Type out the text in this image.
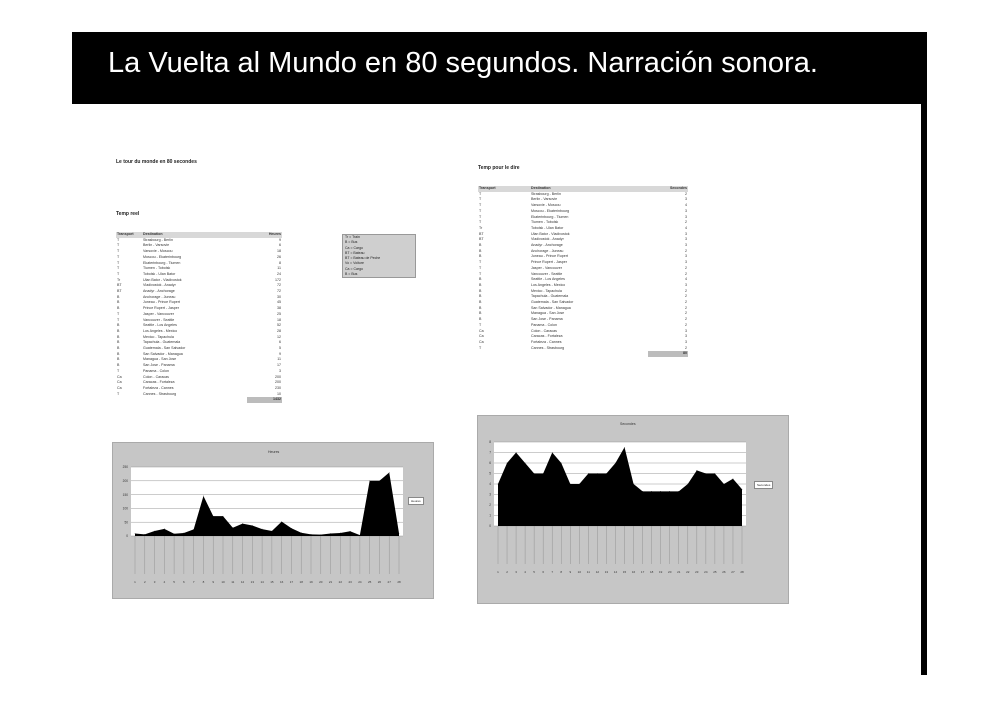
La Vuelta al Mundo en 80 segundos. Narración sonora.
Le tour du monde en 80 secondes
Temp reel
Transport	Destination	Heures
T	Strasbourg - Berlin	9
T	Berlin - Varsovie	6
T	Varsovie - Moscou	18
T	Moscou - Ekaterinbourg	26
T	Ekaterinbourg - Tiumen	8
T	Tiumen - Tobolsk	11
T	Tobolsk - Ulan Bator	24
Tr	Ulan Bator - Vladivostok	172
BT	Vladivostok - Anadyr	72
BT	Anadyr - Anchorage	72
B	Anchorage - Juneau	30
B	Juneau - Prince Rupert	45
B	Prince Rupert - Jasper	38
T	Jasper - Vancouver	25
T	Vancouver - Seattle	18
B	Seattle - Los Angeles	52
B	Los Angeles - Mexico	28
B	Mexico - Tapachula	12
B	Tapachula - Guatemala	6
B	Guatemala - San Salvador	5
B	San Salvador - Managua	9
B	Managua - San Jose	11
B	San Jose - Panama	17
T	Panama - Colon	3
Ca	Colon - Caracas	200
Ca	Caracas - Fortaleza	200
Ca	Fortaleza - Cannes	230
T	Cannes - Strasbourg	10
		1432
Tr = Train
B = Bus
Ca = Cargo
BT = Bateau
BT = Bateau de Peche
Vo = Voiture
Ca = Cargo
B = Bus
Temp pour le dire
Transport	Destination	Secondes
T	Strasbourg - Berlin	2
T	Berlin - Varsovie	3
T	Varsovie - Moscou	4
T	Moscou - Ekaterinbourg	3
T	Ekaterinbourg - Tiumen	3
T	Tiumen - Tobolsk	2
Tr	Tobolsk - Ulan Bator	4
BT	Ulan Bator - Vladivostok	3
BT	Vladivostok - Anadyr	3
B	Anadyr - Anchorage	3
B	Anchorage - Juneau	2
B	Juneau - Prince Rupert	3
T	Prince Rupert - Jasper	3
T	Jasper - Vancouver	2
T	Vancouver - Seattle	2
B	Seattle - Los Angeles	4
B	Los Angeles - Mexico	3
B	Mexico - Tapachula	2
B	Tapachula - Guatemala	2
B	Guatemala - San Salvador	2
B	San Salvador - Managua	2
B	Managua - San Jose	2
B	San Jose - Panama	2
T	Panama - Colon	2
Ca	Colon - Caracas	3
Ca	Caracas - Fortaleza	3
Ca	Fortaleza - Cannes	3
T	Cannes - Strasbourg	2
		80
Heures
0
50
100
150
200
250
1	2	3	4	5	6	7	8	9 10 11 12 13 14 15 16 17 18 19 20 21 22 23 24 25 26 27 28
Heures
Secondes
0
1
2
3
4
5
6
7
8
1 2 3 4 5 6 7 8 9 10 11 12 13 14 15 16 17 18 19 20 21 22 23 24 25 26 27 28
Secondes
